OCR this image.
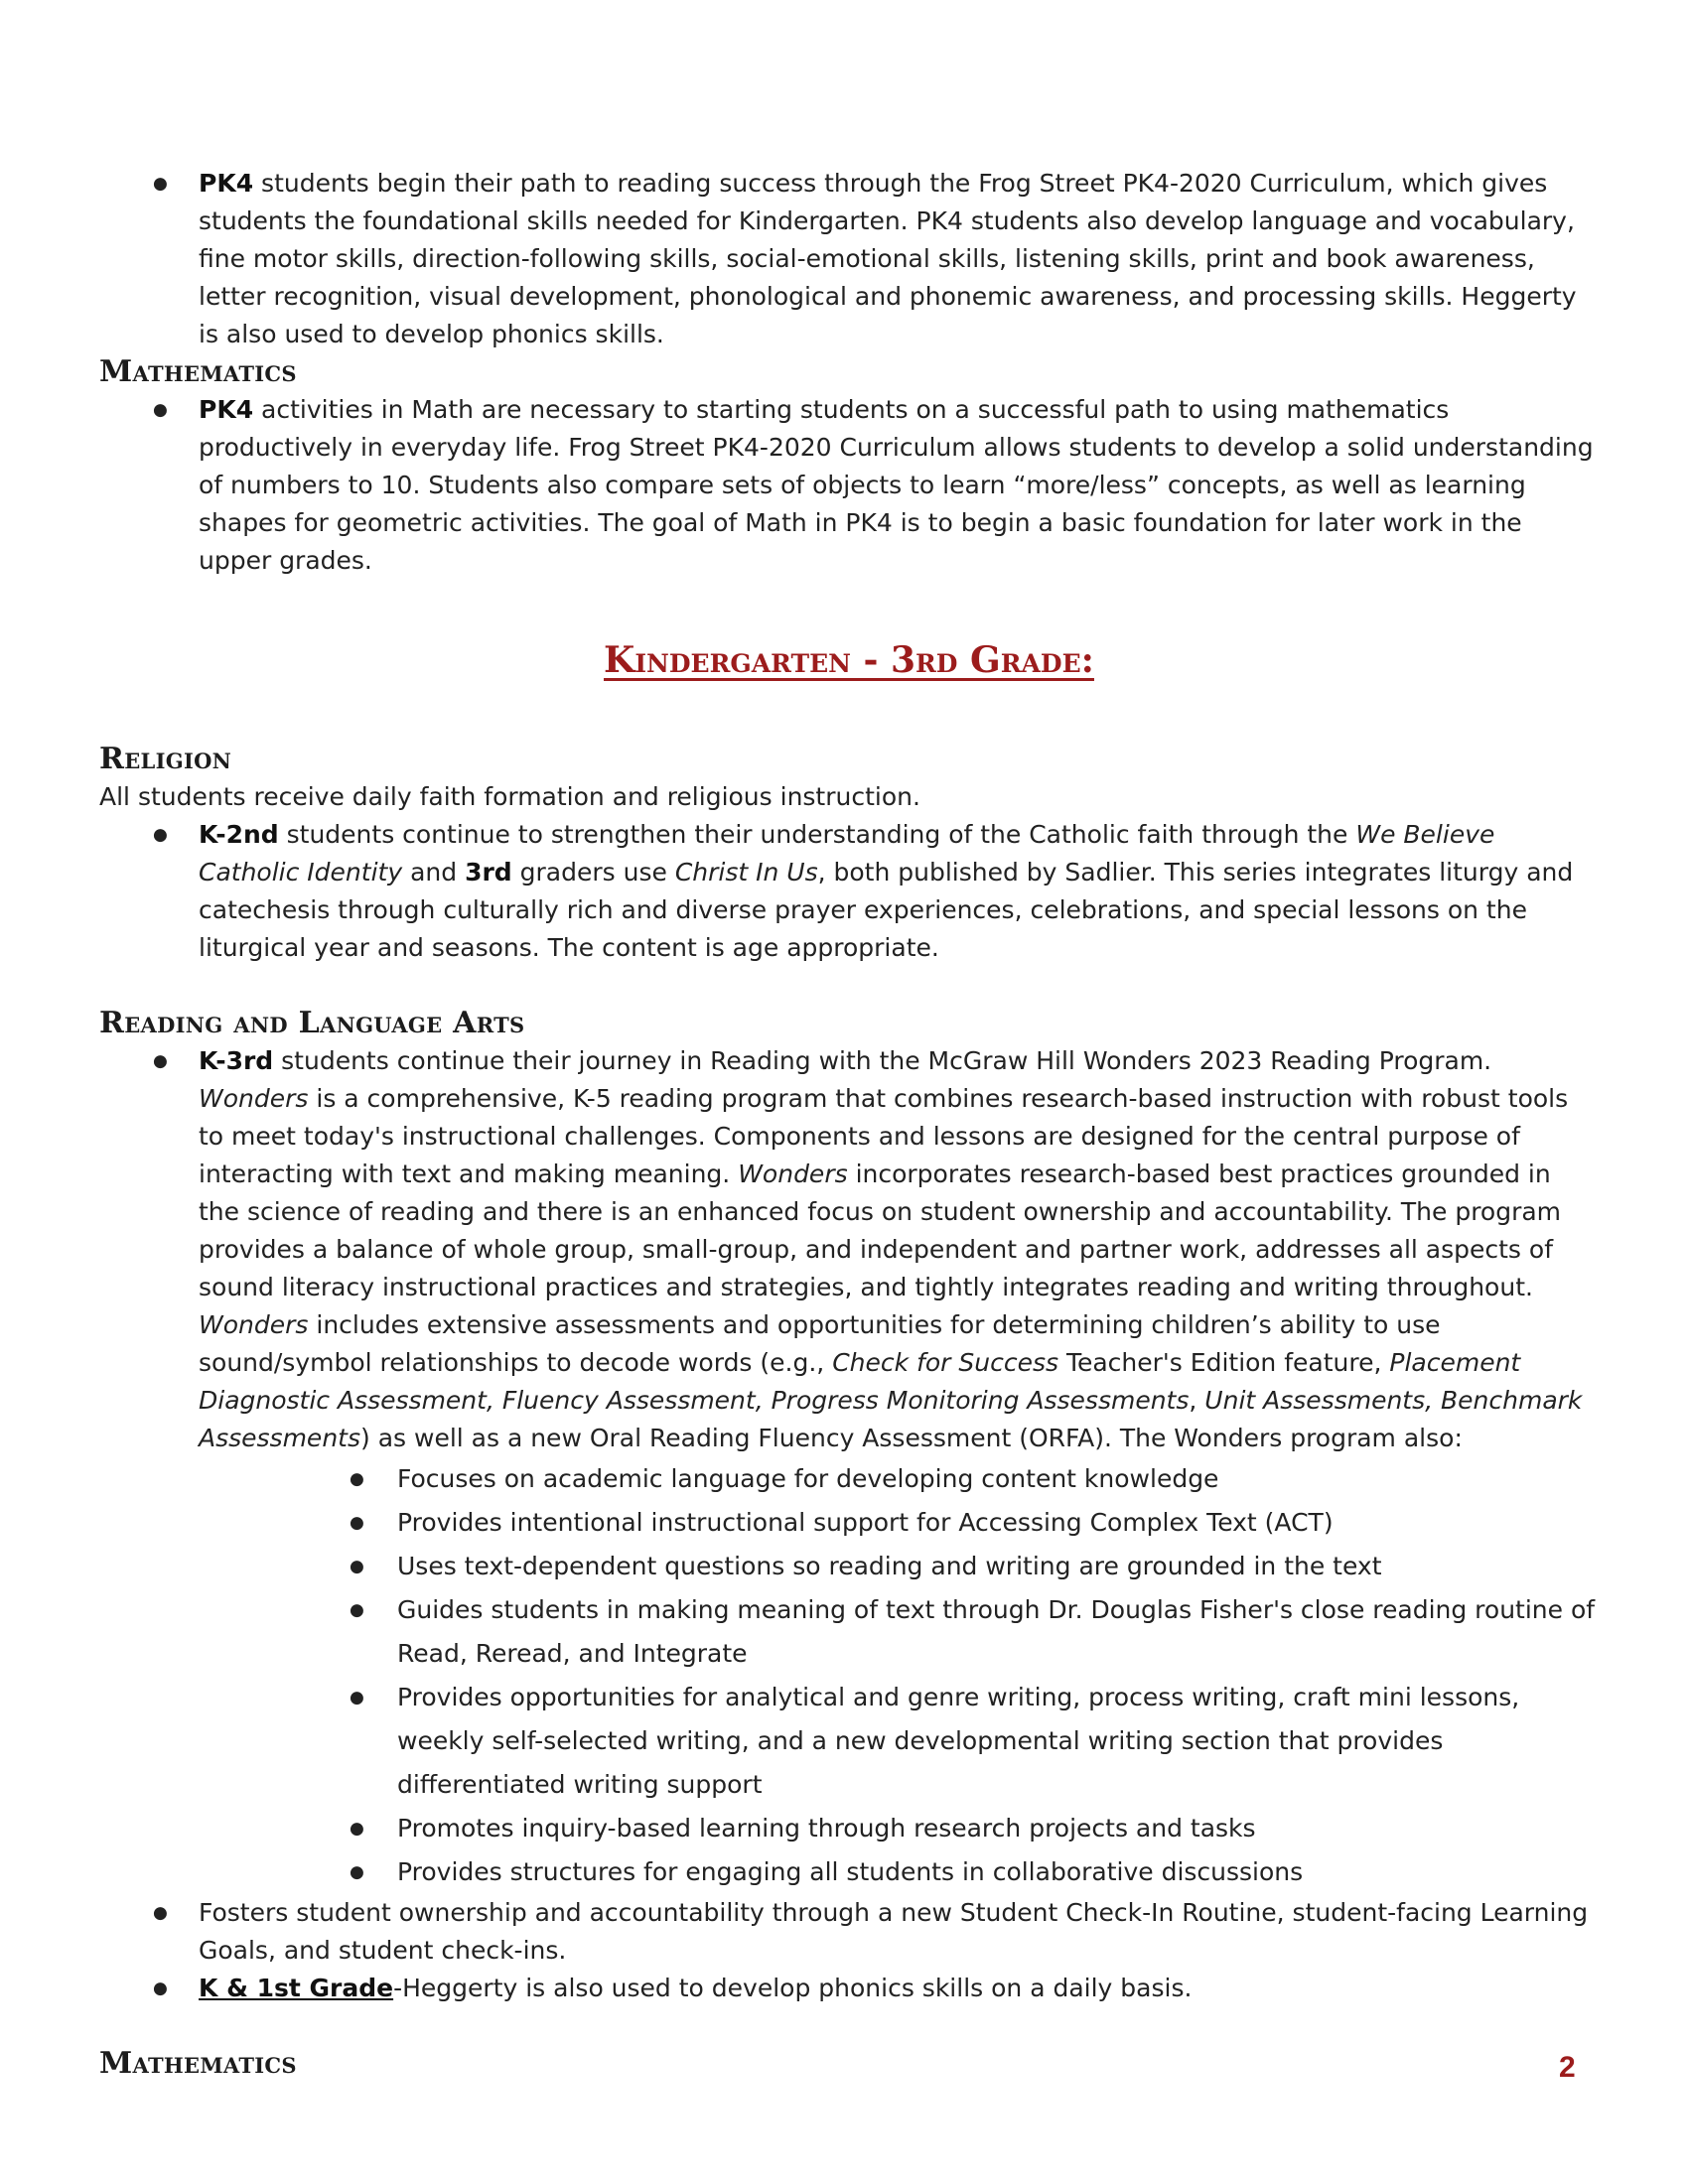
● PK4 students begin their path to reading success through the Frog Street PK4-2020 Curriculum, which gives students the foundational skills needed for Kindergarten. PK4 students also develop language and vocabulary, fine motor skills, direction-following skills, social-emotional skills, listening skills, print and book awareness, letter recognition, visual development, phonological and phonemic awareness, and processing skills. Heggerty is also used to develop phonics skills.
Mathematics
● PK4 activities in Math are necessary to starting students on a successful path to using mathematics productively in everyday life. Frog Street PK4-2020 Curriculum allows students to develop a solid understanding of numbers to 10. Students also compare sets of objects to learn “more/less” concepts, as well as learning shapes for geometric activities. The goal of Math in PK4 is to begin a basic foundation for later work in the upper grades.
Kindergarten - 3rd Grade:
Religion

All students receive daily faith formation and religious instruction.

● K-2nd students continue to strengthen their understanding of the Catholic faith through the We Believe Catholic Identity and 3rd graders use Christ In Us, both published by Sadlier. This series integrates liturgy and catechesis through culturally rich and diverse prayer experiences, celebrations, and special lessons on the liturgical year and seasons. The content is age appropriate.
Reading and Language Arts
● K-3rd students continue their journey in Reading with the McGraw Hill Wonders 2023 Reading Program. Wonders is a comprehensive, K-5 reading program that combines research-based instruction with robust tools to meet today's instructional challenges. Components and lessons are designed for the central purpose of interacting with text and making meaning. Wonders incorporates research-based best practices grounded in the science of reading and there is an enhanced focus on student ownership and accountability. The program provides a balance of whole group, small-group, and independent and partner work, addresses all aspects of sound literacy instructional practices and strategies, and tightly integrates reading and writing throughout. Wonders includes extensive assessments and opportunities for determining children’s ability to use sound/symbol relationships to decode words (e.g., Check for Success Teacher's Edition feature, Placement Diagnostic Assessment, Fluency Assessment, Progress Monitoring Assessments, Unit Assessments, Benchmark Assessments) as well as a new Oral Reading Fluency Assessment (ORFA). The Wonders program also:
● Focuses on academic language for developing content knowledge
● Provides intentional instructional support for Accessing Complex Text (ACT)
● Uses text-dependent questions so reading and writing are grounded in the text
● Guides students in making meaning of text through Dr. Douglas Fisher's close reading routine of Read, Reread, and Integrate
● Provides opportunities for analytical and genre writing, process writing, craft mini lessons, weekly self-selected writing, and a new developmental writing section that provides differentiated writing support
● Promotes inquiry-based learning through research projects and tasks
● Provides structures for engaging all students in collaborative discussions
● Fosters student ownership and accountability through a new Student Check-In Routine, student-facing Learning Goals, and student check-ins.
● K & 1st Grade-Heggerty is also used to develop phonics skills on a daily basis.
Mathematics	2
